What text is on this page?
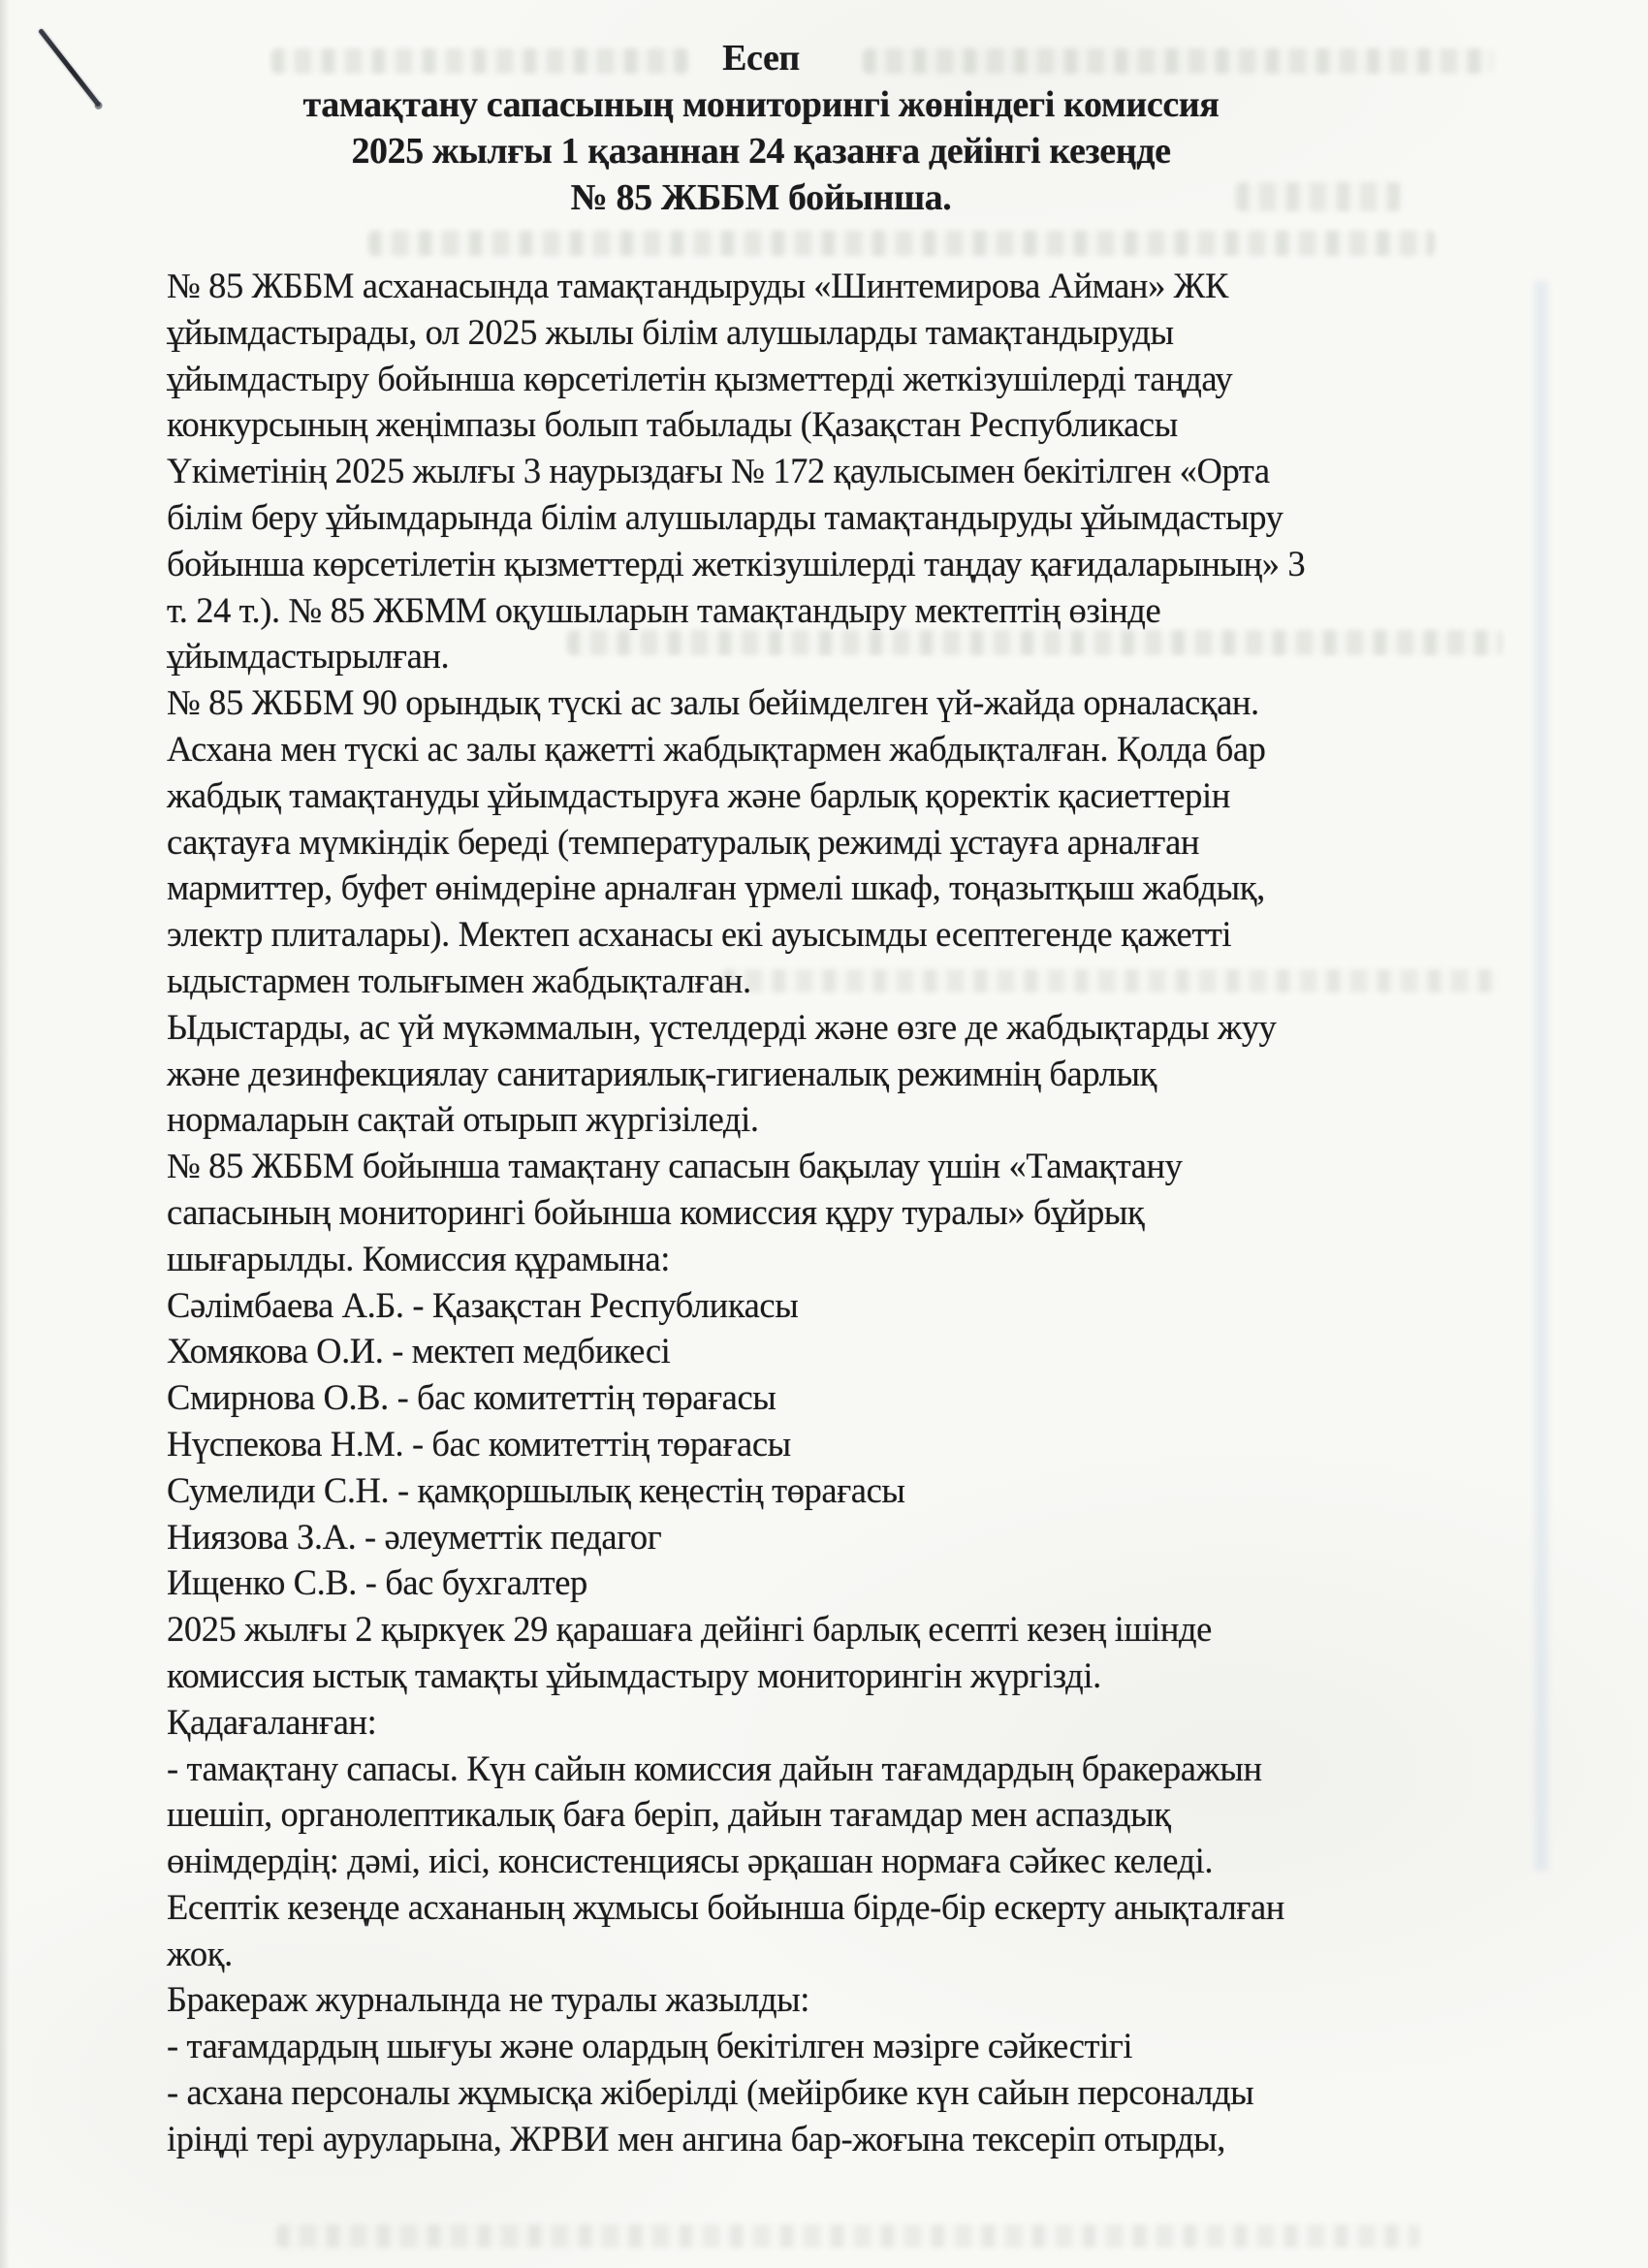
Есеп
тамақтану сапасының мониторингі жөніндегі комиссия
2025 жылғы 1 қазаннан 24 қазанға дейінгі кезеңде
№ 85 ЖББМ бойынша.
№ 85 ЖББМ асханасында тамақтандыруды «Шинтемирова Айман» ЖК
ұйымдастырады, ол 2025 жылы білім алушыларды тамақтандыруды
ұйымдастыру бойынша көрсетілетін қызметтерді жеткізушілерді таңдау
конкурсының жеңімпазы болып табылады (Қазақстан Республикасы
Үкіметінің 2025 жылғы 3 наурыздағы № 172 қаулысымен бекітілген «Орта
білім беру ұйымдарында білім алушыларды тамақтандыруды ұйымдастыру
бойынша көрсетілетін қызметтерді жеткізушілерді таңдау қағидаларының» 3
т. 24 т.). № 85 ЖБММ оқушыларын тамақтандыру мектептің өзінде
ұйымдастырылған.
№ 85 ЖББМ 90 орындық түскі ас залы бейімделген үй-жайда орналасқан.
Асхана мен түскі ас залы қажетті жабдықтармен жабдықталған. Қолда бар
жабдық тамақтануды ұйымдастыруға және барлық қоректік қасиеттерін
сақтауға мүмкіндік береді (температуралық режимді ұстауға арналған
мармиттер, буфет өнімдеріне арналған үрмелі шкаф, тоңазытқыш жабдық,
электр плиталары). Мектеп асханасы екі ауысымды есептегенде қажетті
ыдыстармен толығымен жабдықталған.
Ыдыстарды, ас үй мүкәммалын, үстелдерді және өзге де жабдықтарды жуу
және дезинфекциялау санитариялық-гигиеналық режимнің барлық
нормаларын сақтай отырып жүргізіледі.
№ 85 ЖББМ бойынша тамақтану сапасын бақылау үшін «Тамақтану
сапасының мониторингі бойынша комиссия құру туралы» бұйрық
шығарылды. Комиссия құрамына:
Сәлімбаева А.Б. - Қазақстан Республикасы
Хомякова О.И. - мектеп медбикесі
Смирнова О.В. - бас комитеттің төрағасы
Нүспекова Н.М. - бас комитеттің төрағасы
Сумелиди С.Н. - қамқоршылық кеңестің төрағасы
Ниязова З.А. - әлеуметтік педагог
Ищенко С.В. - бас бухгалтер
2025 жылғы 2 қыркүек 29 қарашаға дейінгі барлық есепті кезең ішінде
комиссия ыстық тамақты ұйымдастыру мониторингін жүргізді.
Қадағаланған:
- тамақтану сапасы. Күн сайын комиссия дайын тағамдардың бракеражын
шешіп, органолептикалық баға беріп, дайын тағамдар мен аспаздық
өнімдердің: дәмі, иісі, консистенциясы әрқашан нормаға сәйкес келеді.
Есептік кезеңде асхананың жұмысы бойынша бірде-бір ескерту анықталған
жоқ.
Бракераж журналында не туралы жазылды:
- тағамдардың шығуы және олардың бекітілген мәзірге сәйкестігі
- асхана персоналы жұмысқа жіберілді (мейірбике күн сайын персоналды
іріңді тері ауруларына, ЖРВИ мен ангина бар-жоғына тексеріп отырды,
